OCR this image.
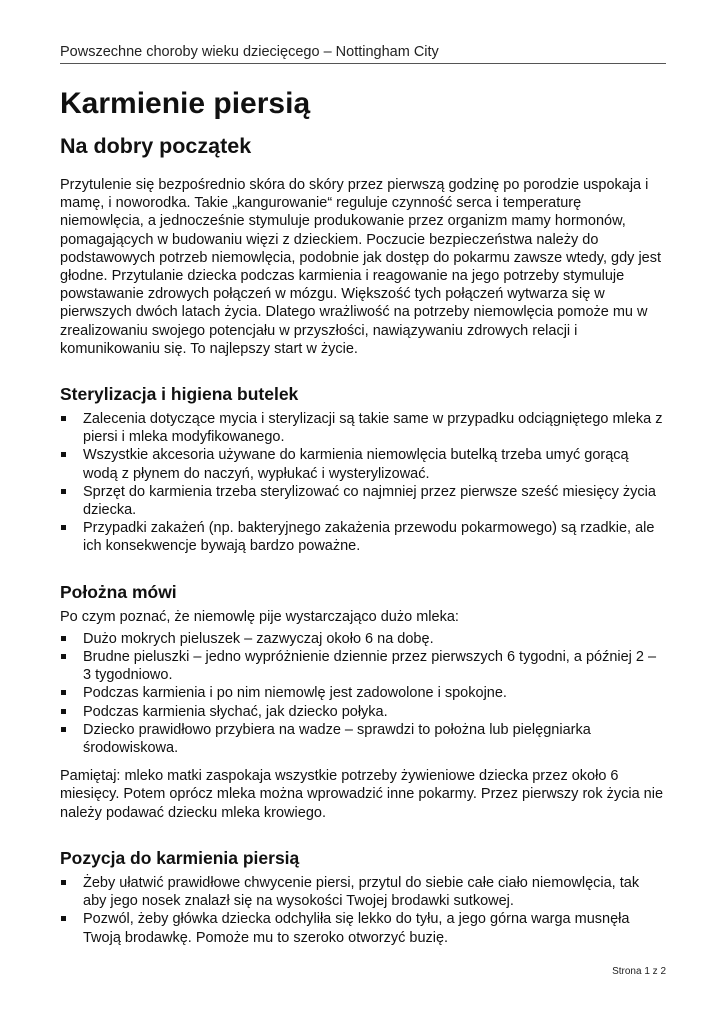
Powszechne choroby wieku dziecięcego – Nottingham City
Karmienie piersią
Na dobry początek

Przytulenie się bezpośrednio skóra do skóry przez pierwszą godzinę po porodzie uspokaja i mamę, i noworodka. Takie „kangurowanie“ reguluje czynność serca i temperaturę niemowlęcia, a jednocześnie stymuluje produkowanie przez organizm mamy hormonów, pomagających w budowaniu więzi z dzieckiem. Poczucie bezpieczeństwa należy do podstawowych potrzeb niemowlęcia, podobnie jak dostęp do pokarmu zawsze wtedy, gdy jest głodne. Przytulanie dziecka podczas karmienia i reagowanie na jego potrzeby stymuluje powstawanie zdrowych połączeń w mózgu. Większość tych połączeń wytwarza się w pierwszych dwóch latach życia. Dlatego wrażliwość na potrzeby niemowlęcia pomoże mu w zrealizowaniu swojego potencjału w przyszłości, nawiązywaniu zdrowych relacji i komunikowaniu się. To najlepszy start w życie.

Sterylizacja i higiena butelek
Zalecenia dotyczące mycia i sterylizacji są takie same w przypadku odciągniętego mleka z piersi i mleka modyfikowanego.
Wszystkie akcesoria używane do karmienia niemowlęcia butelką trzeba umyć gorącą wodą z płynem do naczyń, wypłukać i wysterylizować.
Sprzęt do karmienia trzeba sterylizować co najmniej przez pierwsze sześć miesięcy życia dziecka.
Przypadki zakażeń (np. bakteryjnego zakażenia przewodu pokarmowego) są rzadkie, ale ich konsekwencje bywają bardzo poważne.
Położna mówi

Po czym poznać, że niemowlę pije wystarczająco dużo mleka:

Dużo mokrych pieluszek – zazwyczaj około 6 na dobę.
Brudne pieluszki – jedno wypróżnienie dziennie przez pierwszych 6 tygodni, a później 2 – 3 tygodniowo.
Podczas karmienia i po nim niemowlę jest zadowolone i spokojne.
Podczas karmienia słychać, jak dziecko połyka.
Dziecko prawidłowo przybiera na wadze – sprawdzi to położna lub pielęgniarka środowiskowa.

Pamiętaj: mleko matki zaspokaja wszystkie potrzeby żywieniowe dziecka przez około 6 miesięcy. Potem oprócz mleka można wprowadzić inne pokarmy. Przez pierwszy rok życia nie należy podawać dziecku mleka krowiego.

Pozycja do karmienia piersią
Żeby ułatwić prawidłowe chwycenie piersi, przytul do siebie całe ciało niemowlęcia, tak aby jego nosek znalazł się na wysokości Twojej brodawki sutkowej.
Pozwól, żeby główka dziecka odchyliła się lekko do tyłu, a jego górna warga musnęła Twoją brodawkę. Pomoże mu to szeroko otworzyć buzię.
Strona 1 z 2
